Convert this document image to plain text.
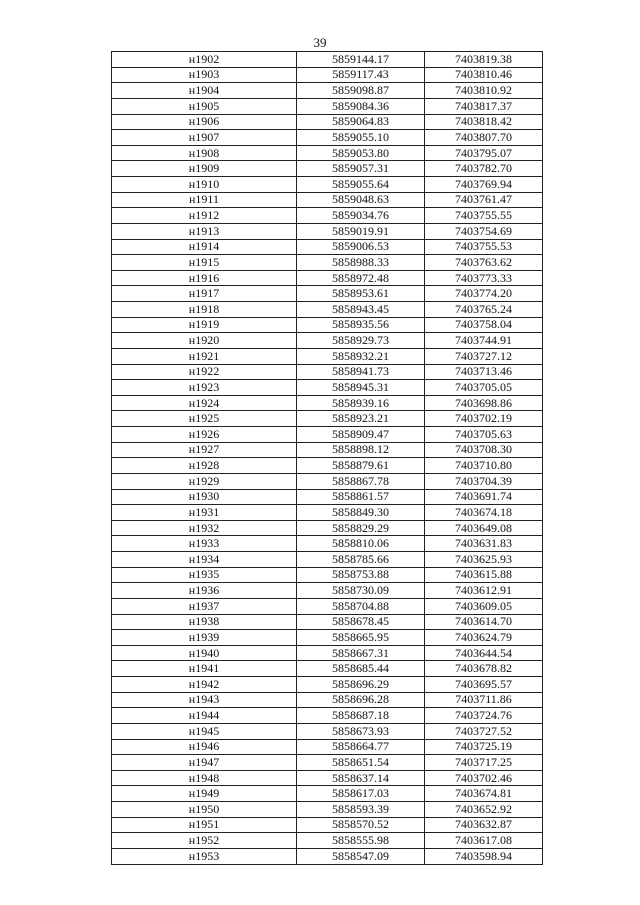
39
н1902	5859144.17	7403819.38
н1903	5859117.43	7403810.46
н1904	5859098.87	7403810.92
н1905	5859084.36	7403817.37
н1906	5859064.83	7403818.42
н1907	5859055.10	7403807.70
н1908	5859053.80	7403795.07
н1909	5859057.31	7403782.70
н1910	5859055.64	7403769.94
н1911	5859048.63	7403761.47
н1912	5859034.76	7403755.55
н1913	5859019.91	7403754.69
н1914	5859006.53	7403755.53
н1915	5858988.33	7403763.62
н1916	5858972.48	7403773.33
н1917	5858953.61	7403774.20
н1918	5858943.45	7403765.24
н1919	5858935.56	7403758.04
н1920	5858929.73	7403744.91
н1921	5858932.21	7403727.12
н1922	5858941.73	7403713.46
н1923	5858945.31	7403705.05
н1924	5858939.16	7403698.86
н1925	5858923.21	7403702.19
н1926	5858909.47	7403705.63
н1927	5858898.12	7403708.30
н1928	5858879.61	7403710.80
н1929	5858867.78	7403704.39
н1930	5858861.57	7403691.74
н1931	5858849.30	7403674.18
н1932	5858829.29	7403649.08
н1933	5858810.06	7403631.83
н1934	5858785.66	7403625.93
н1935	5858753.88	7403615.88
н1936	5858730.09	7403612.91
н1937	5858704.88	7403609.05
н1938	5858678.45	7403614.70
н1939	5858665.95	7403624.79
н1940	5858667.31	7403644.54
н1941	5858685.44	7403678.82
н1942	5858696.29	7403695.57
н1943	5858696.28	7403711.86
н1944	5858687.18	7403724.76
н1945	5858673.93	7403727.52
н1946	5858664.77	7403725.19
н1947	5858651.54	7403717.25
н1948	5858637.14	7403702.46
н1949	5858617.03	7403674.81
н1950	5858593.39	7403652.92
н1951	5858570.52	7403632.87
н1952	5858555.98	7403617.08
н1953	5858547.09	7403598.94
